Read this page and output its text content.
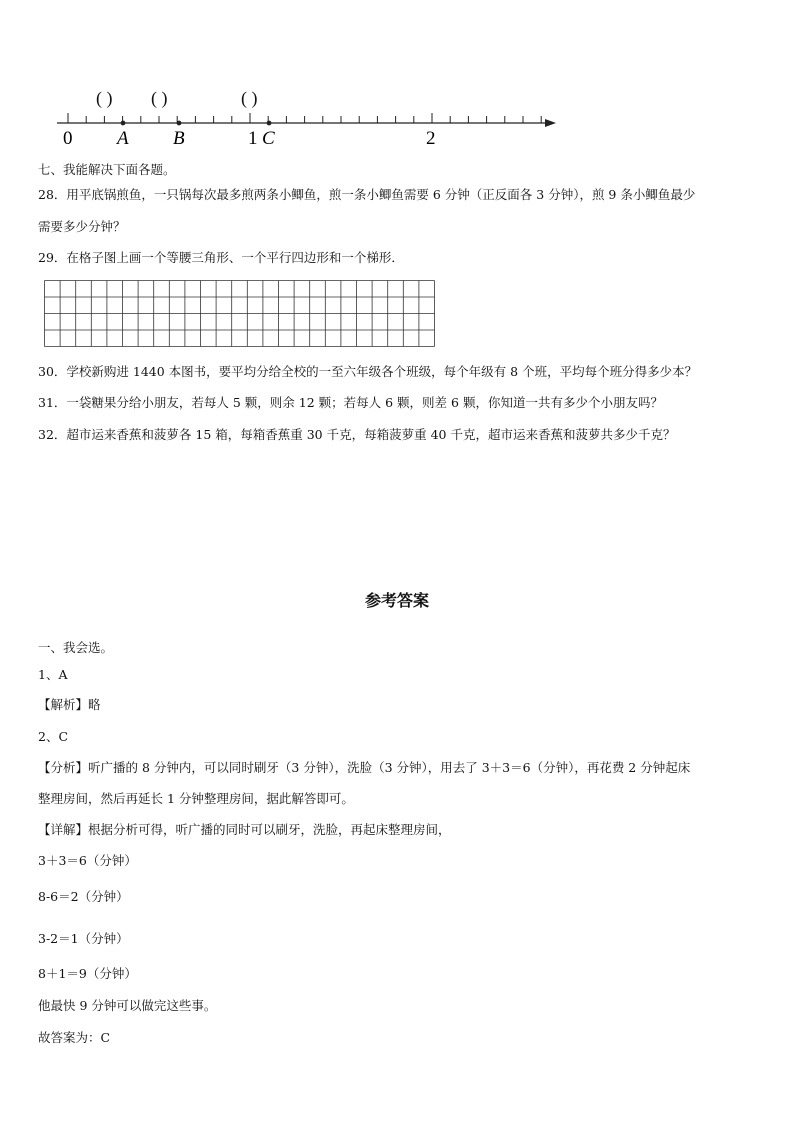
0 A B	1 C	2
( ) ( )	( )
七、我能解决下面各题。
28．用平底锅煎鱼，一只锅每次最多煎两条小鲫鱼，煎一条小鲫鱼需要 6 分钟（正反面各 3 分钟），煎 9 条小鲫鱼最少
需要多少分钟？
29．在格子图上画一个等腰三角形、一个平行四边形和一个梯形．
30．学校新购进 1440 本图书，要平均分给全校的一至六年级各个班级，每个年级有 8 个班，平均每个班分得多少本？
31．一袋糖果分给小朋友，若每人 5 颗，则余 12 颗；若每人 6 颗，则差 6 颗，你知道一共有多少个小朋友吗？
32．超市运来香蕉和菠萝各 15 箱，每箱香蕉重 30 千克，每箱菠萝重 40 千克，超市运来香蕉和菠萝共多少千克？
参考答案
一、我会选。
1、A
【解析】略
2、C
【分析】听广播的 8 分钟内，可以同时刷牙（3 分钟），洗脸（3 分钟），用去了 3＋3＝6（分钟），再花费 2 分钟起床
整理房间，然后再延长 1 分钟整理房间，据此解答即可。
【详解】根据分析可得，听广播的同时可以刷牙，洗脸，再起床整理房间，
3＋3＝6（分钟）
8-6＝2（分钟）
3-2＝1（分钟）
8＋1＝9（分钟）
他最快 9 分钟可以做完这些事。
故答案为：C
